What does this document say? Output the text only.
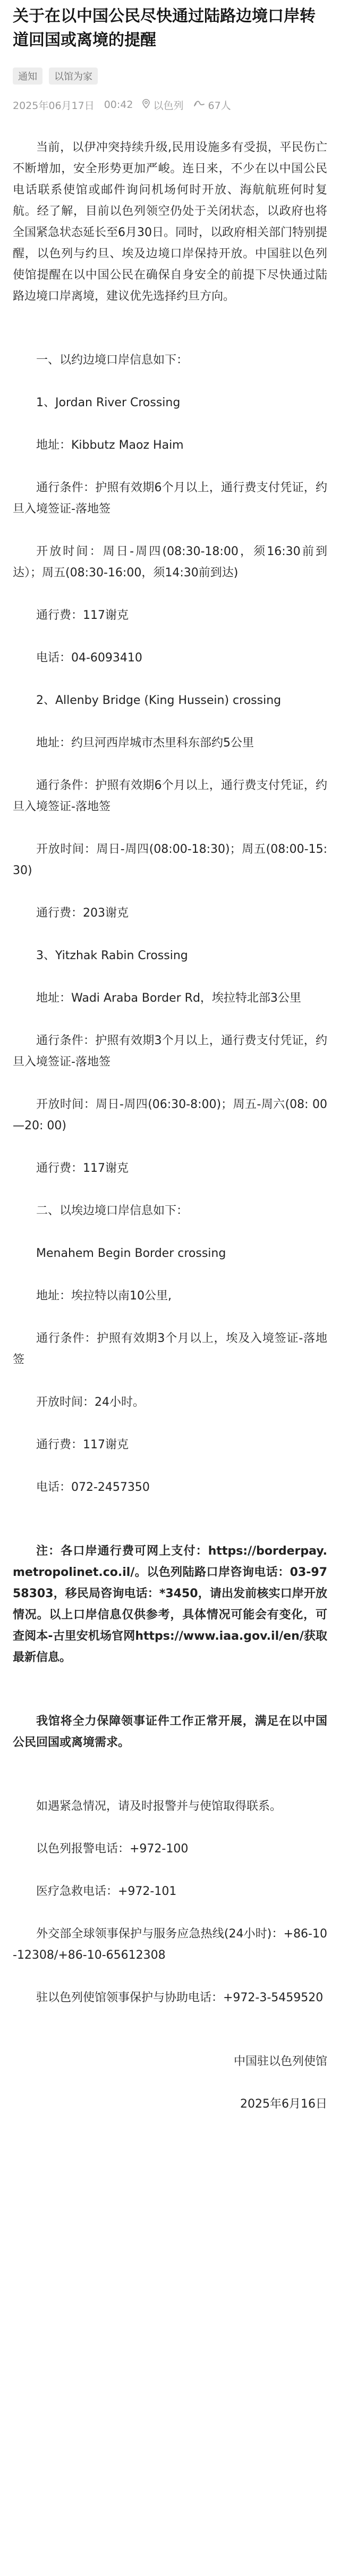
关于在以中国公民尽快通过陆路边境口岸转道回国或离境的提醒
通知	以馆为家
2025年06月17日 00:42 以色列 67人

当前，以伊冲突持续升级,民用设施多有受损，平民伤亡不断增加，安全形势更加严峻。连日来，不少在以中国公民电话联系使馆或邮件询问机场何时开放、海航航班何时复航。经了解，目前以色列领空仍处于关闭状态，以政府也将全国紧急状态延长至6月30日。同时，以政府相关部门特别提醒，以色列与约旦、埃及边境口岸保持开放。中国驻以色列使馆提醒在以中国公民在确保自身安全的前提下尽快通过陆路边境口岸离境，建议优先选择约旦方向。

一、以约边境口岸信息如下：

1、Jordan River Crossing

地址：Kibbutz Maoz Haim

通行条件：护照有效期6个月以上，通行费支付凭证，约旦入境签证-落地签

开放时间：周日-周四(08:30-18:00，须16:30前到达）；周五(08:30-16:00，须14:30前到达)

通行费：117谢克

电话：04-6093410

2、Allenby Bridge (King Hussein) crossing

地址：约旦河西岸城市杰里科东部约5公里

通行条件：护照有效期6个月以上，通行费支付凭证，约旦入境签证-落地签

开放时间：周日-周四(08:00-18:30)；周五(08:00-15:30)

通行费：203谢克

3、Yitzhak Rabin Crossing

地址：Wadi Araba Border Rd，埃拉特北部3公里

通行条件：护照有效期3个月以上，通行费支付凭证，约旦入境签证-落地签

开放时间：周日-周四(06:30-8:00)；周五-周六(08: 00—20: 00)

通行费：117谢克

二、以埃边境口岸信息如下：

Menahem Begin Border crossing

地址：埃拉特以南10公里,

通行条件：护照有效期3个月以上，埃及入境签证-落地签

开放时间：24小时。

通行费：117谢克

电话：072-2457350

注：各口岸通行费可网上支付：https://borderpay.metropolinet.co.il/。以色列陆路口岸咨询电话：03-9758303，移民局咨询电话：*3450，请出发前核实口岸开放情况。以上口岸信息仅供参考，具体情况可能会有变化，可查阅本-古里安机场官网https://www.iaa.gov.il/en/获取最新信息。

我馆将全力保障领事证件工作正常开展，满足在以中国公民回国或离境需求。

如遇紧急情况，请及时报警并与使馆取得联系。

以色列报警电话：+972-100

医疗急救电话：+972-101

外交部全球领事保护与服务应急热线(24小时)：+86-10-12308/+86-10-65612308

驻以色列使馆领事保护与协助电话：+972-3-5459520

中国驻以色列使馆

2025年6月16日
